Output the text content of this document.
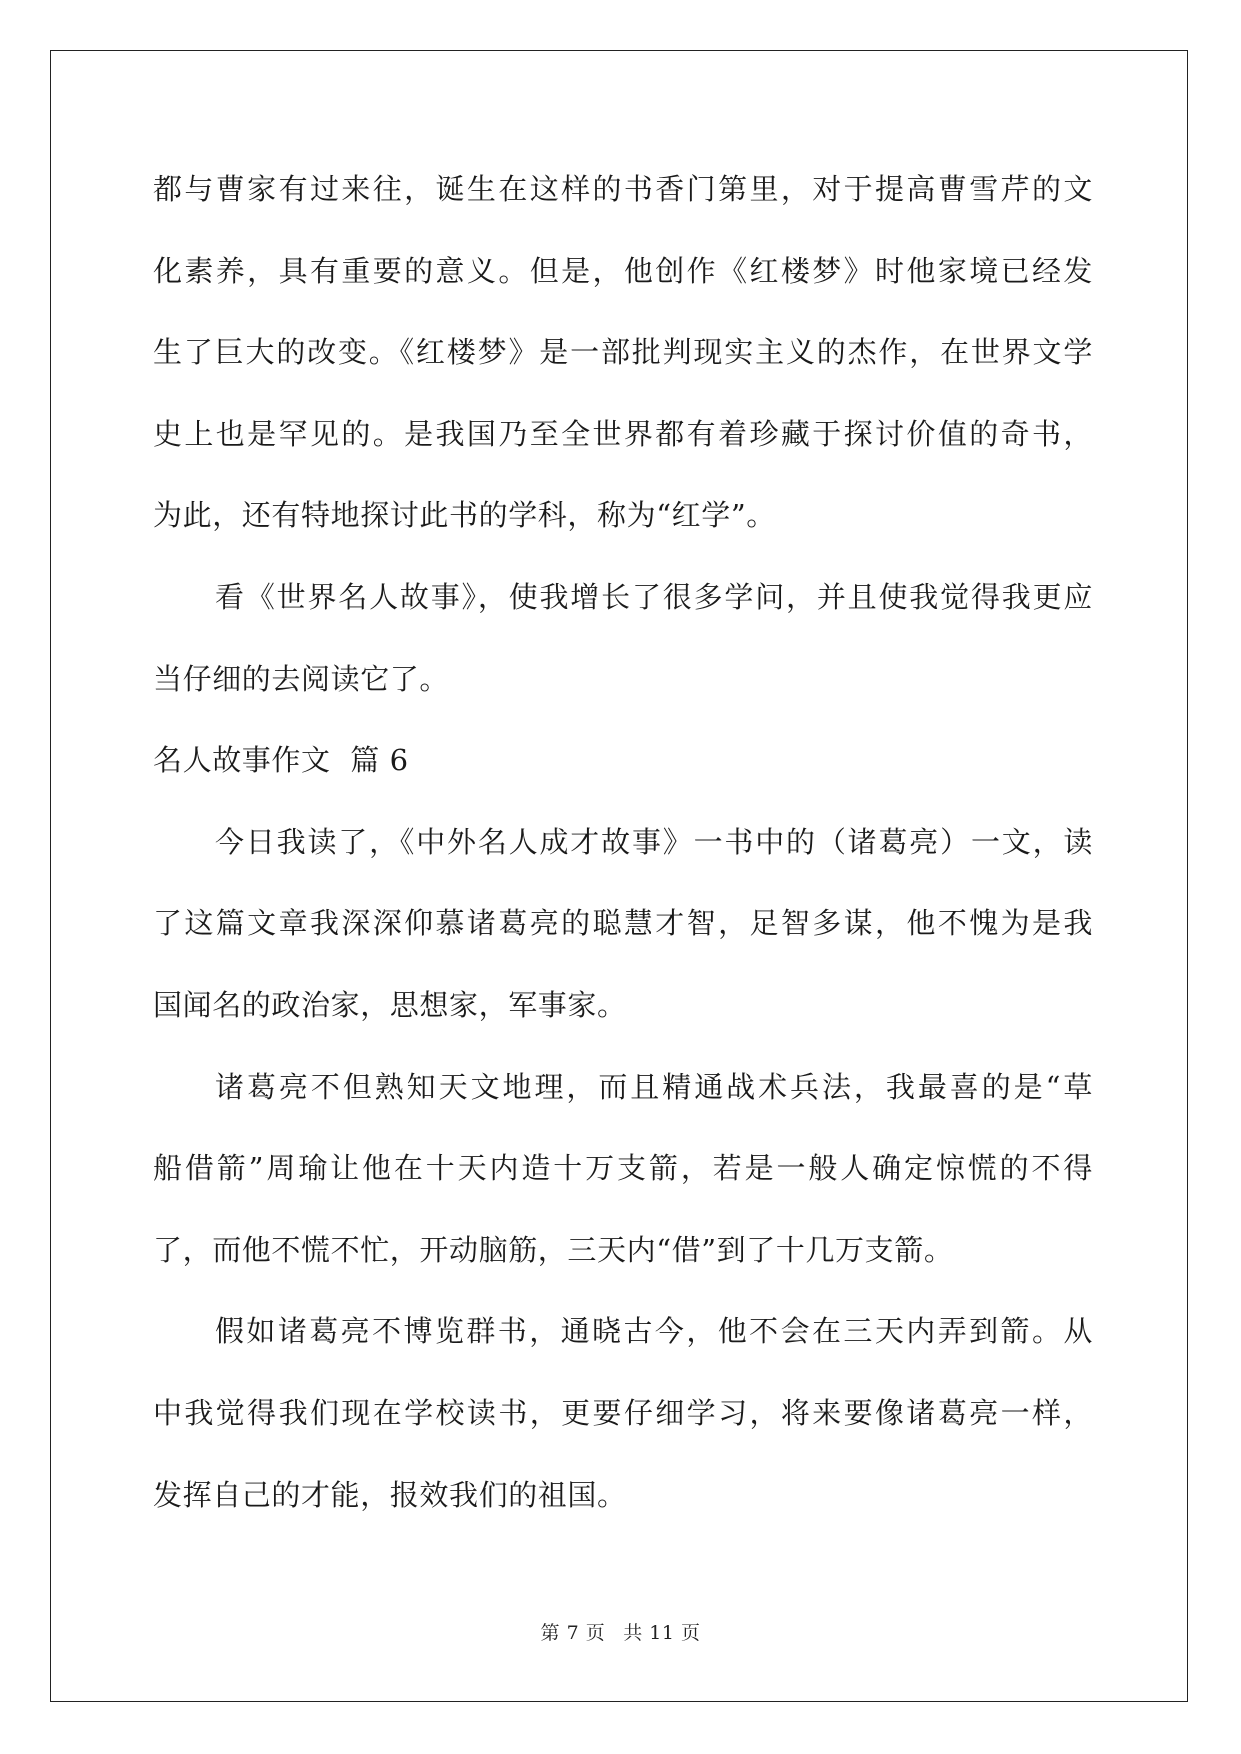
都与曹家有过来往，诞生在这样的书香门第里，对于提高曹雪芹的文
化素养，具有重要的意义。但是，他创作《红楼梦》时他家境已经发
生了巨大的改变。《红楼梦》是一部批判现实主义的杰作，在世界文学
史上也是罕见的。是我国乃至全世界都有着珍藏于探讨价值的奇书，
为此，还有特地探讨此书的学科，称为“红学”。
看《世界名人故事》，使我增长了很多学问，并且使我觉得我更应
当仔细的去阅读它了。
名人故事作文  篇 6
今日我读了，《中外名人成才故事》一书中的（诸葛亮）一文，读
了这篇文章我深深仰慕诸葛亮的聪慧才智，足智多谋，他不愧为是我
国闻名的政治家，思想家，军事家。
诸葛亮不但熟知天文地理，而且精通战术兵法，我最喜的是“草
船借箭”周瑜让他在十天内造十万支箭，若是一般人确定惊慌的不得
了，而他不慌不忙，开动脑筋，三天内“借”到了十几万支箭。
假如诸葛亮不博览群书，通晓古今，他不会在三天内弄到箭。从
中我觉得我们现在学校读书，更要仔细学习，将来要像诸葛亮一样，
发挥自己的才能，报效我们的祖国。
第 7 页 共 11 页
